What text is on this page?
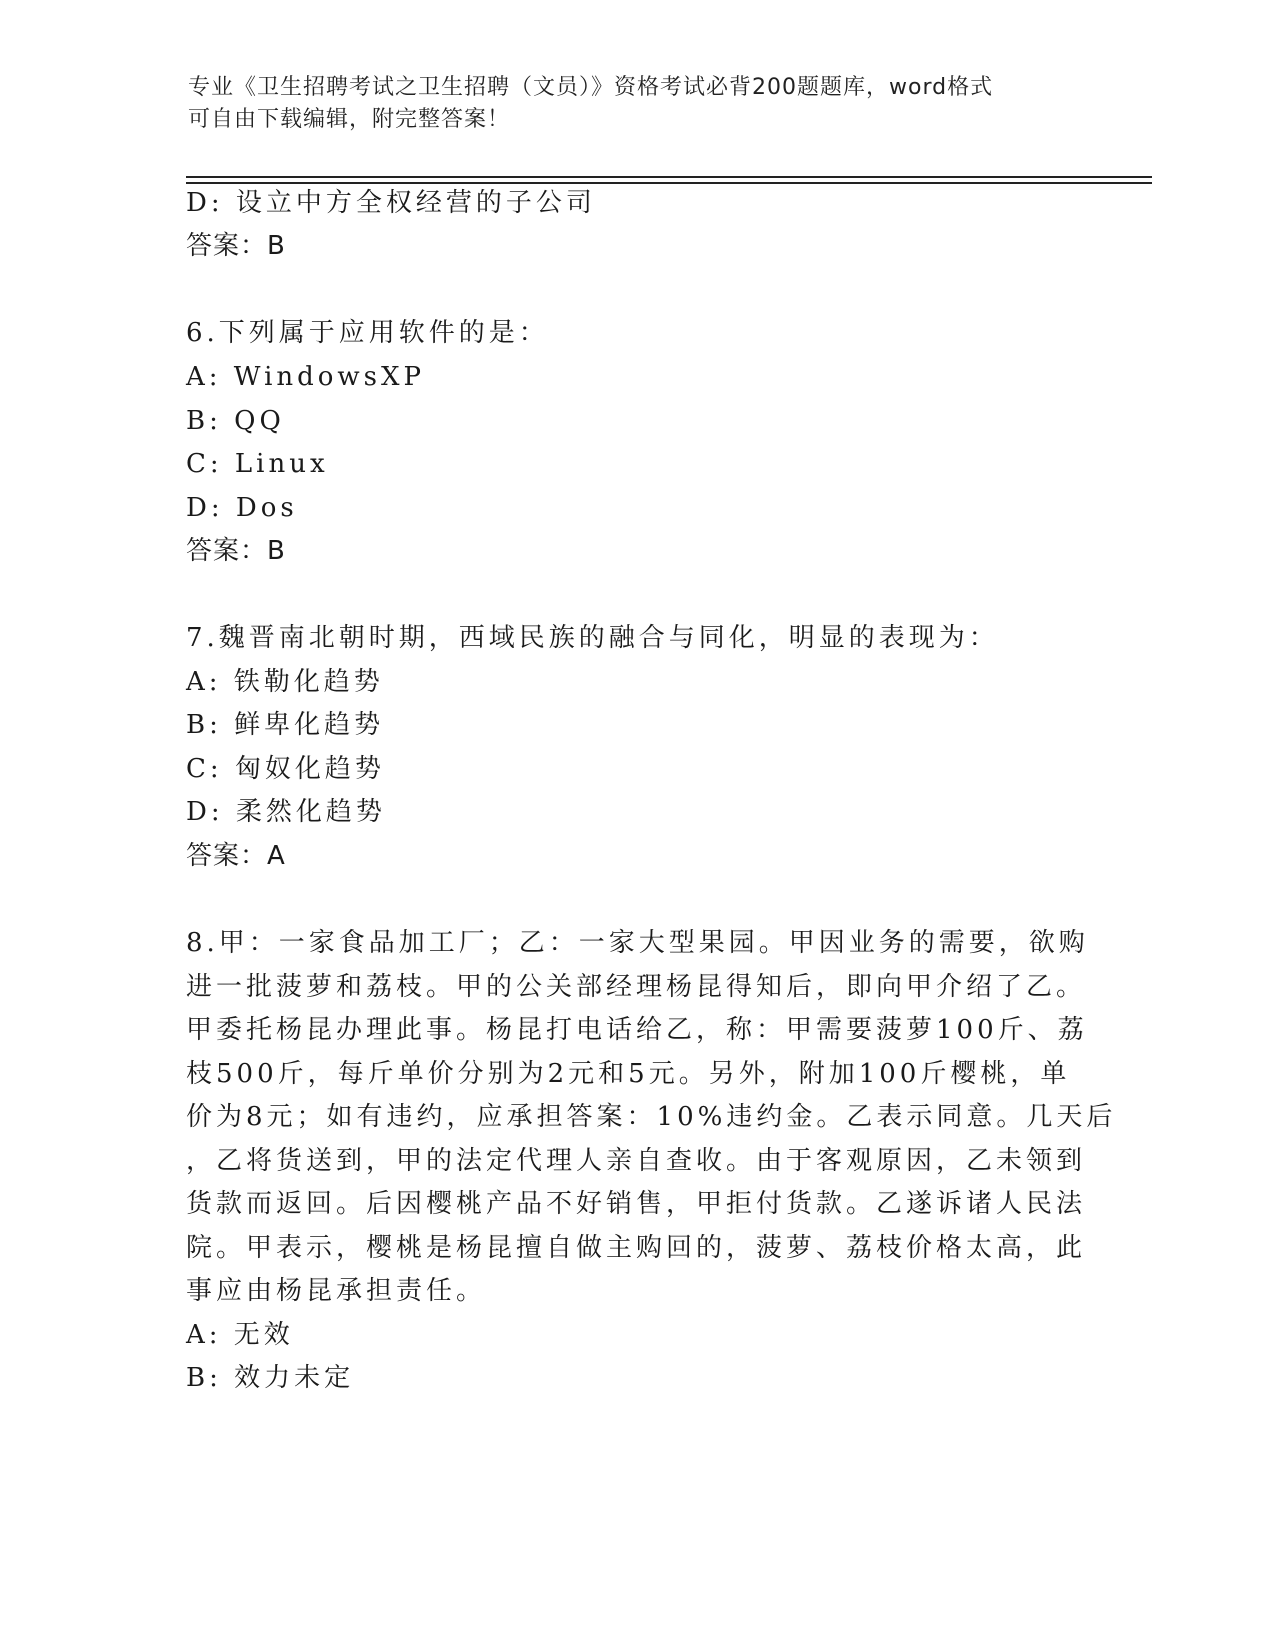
专业《卫生招聘考试之卫生招聘（文员）》资格考试必背200题题库，word格式
可自由下载编辑，附完整答案！
D: 设立中方全权经营的子公司
答案：B
6.下列属于应用软件的是：
A: WindowsXP
B: QQ
C: Linux
D: Dos
答案：B
7.魏晋南北朝时期，西域民族的融合与同化，明显的表现为：
A: 铁勒化趋势
B: 鲜卑化趋势
C: 匈奴化趋势
D: 柔然化趋势
答案：A
8.甲：一家食品加工厂；乙：一家大型果园。甲因业务的需要，欲购
进一批菠萝和荔枝。甲的公关部经理杨昆得知后，即向甲介绍了乙。
甲委托杨昆办理此事。杨昆打电话给乙，称：甲需要菠萝100斤、荔
枝500斤，每斤单价分别为2元和5元。另外，附加100斤樱桃，单
价为8元；如有违约，应承担答案：10%违约金。乙表示同意。几天后
，乙将货送到，甲的法定代理人亲自查收。由于客观原因，乙未领到
货款而返回。后因樱桃产品不好销售，甲拒付货款。乙遂诉诸人民法
院。甲表示，樱桃是杨昆擅自做主购回的，菠萝、荔枝价格太高，此
事应由杨昆承担责任。
A: 无效
B: 效力未定
